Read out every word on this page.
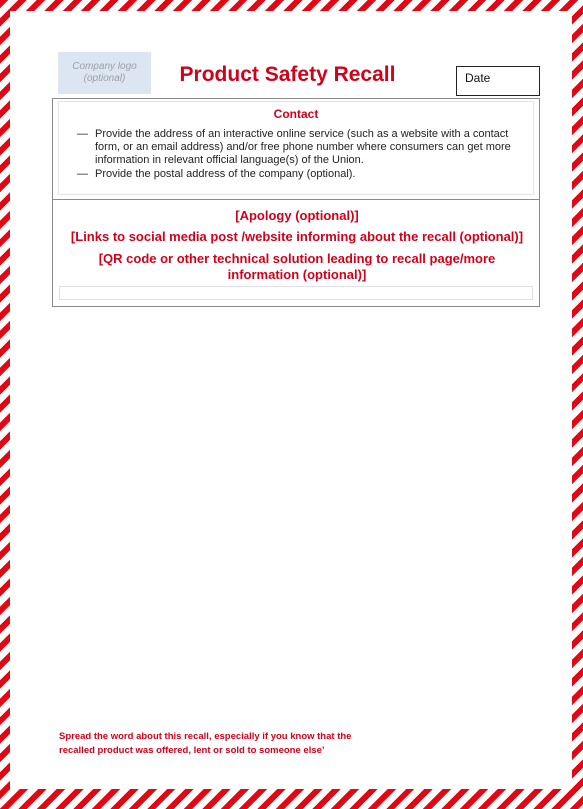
Company logo
(optional)	Product Safety Recall	Date
Contact
— Provide the address of an interactive online service (such as a website with a contact form, or an email address) and/or free phone number where consumers can get more information in relevant official language(s) of the Union.
— Provide the postal address of the company (optional).
[Apology (optional)]
[Links to social media post /website informing about the recall (optional)]
[QR code or other technical solution leading to recall page/more information (optional)]
Spread the word about this recall, especially if you know that the recalled product was offered, lent or sold to someone else’
